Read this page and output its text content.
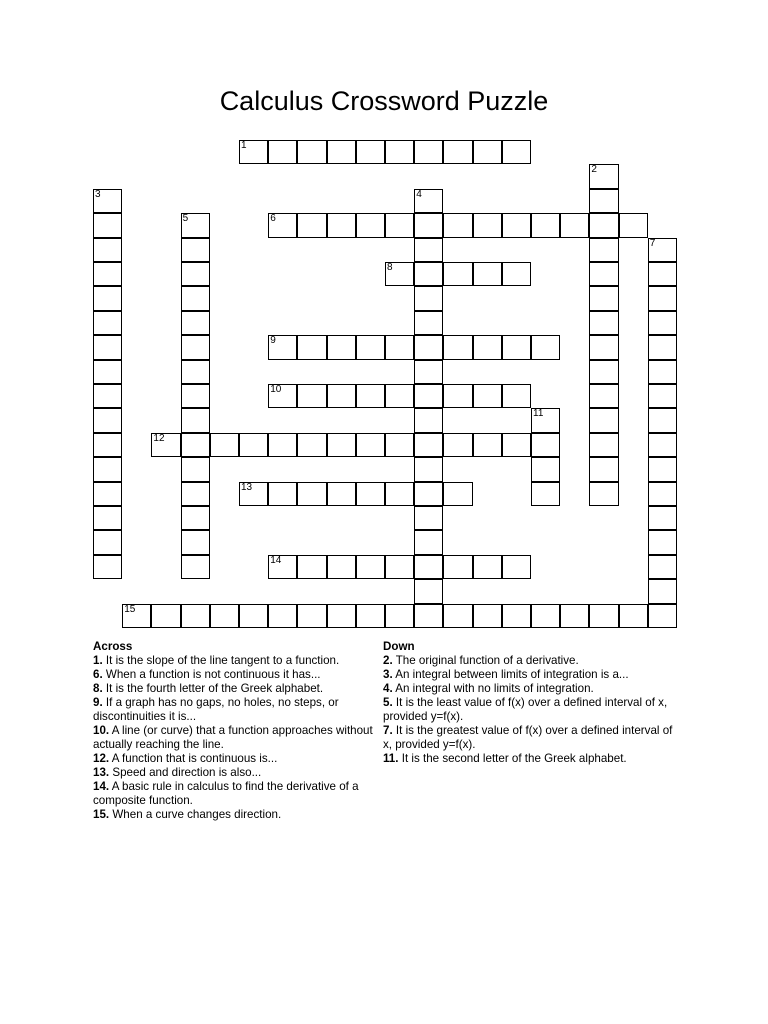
Calculus Crossword Puzzle
1
2
3	4
5	6
7
8
9
10
11
12
13
14
15
Across
1. It is the slope of the line tangent to a function.
6. When a function is not continuous it has...
8. It is the fourth letter of the Greek alphabet.
9. If a graph has no gaps, no holes, no steps, or discontinuities it is...
10. A line (or curve) that a function approaches without actually reaching the line.
12. A function that is continuous is...
13. Speed and direction is also...
14. A basic rule in calculus to find the derivative of a composite function.
15. When a curve changes direction.
Down
2. The original function of a derivative.
3. An integral between limits of integration is a...
4. An integral with no limits of integration.
5. It is the least value of f(x) over a defined interval of x, provided y=f(x).
7. It is the greatest value of f(x) over a defined interval of x, provided y=f(x).
11. It is the second letter of the Greek alphabet.
